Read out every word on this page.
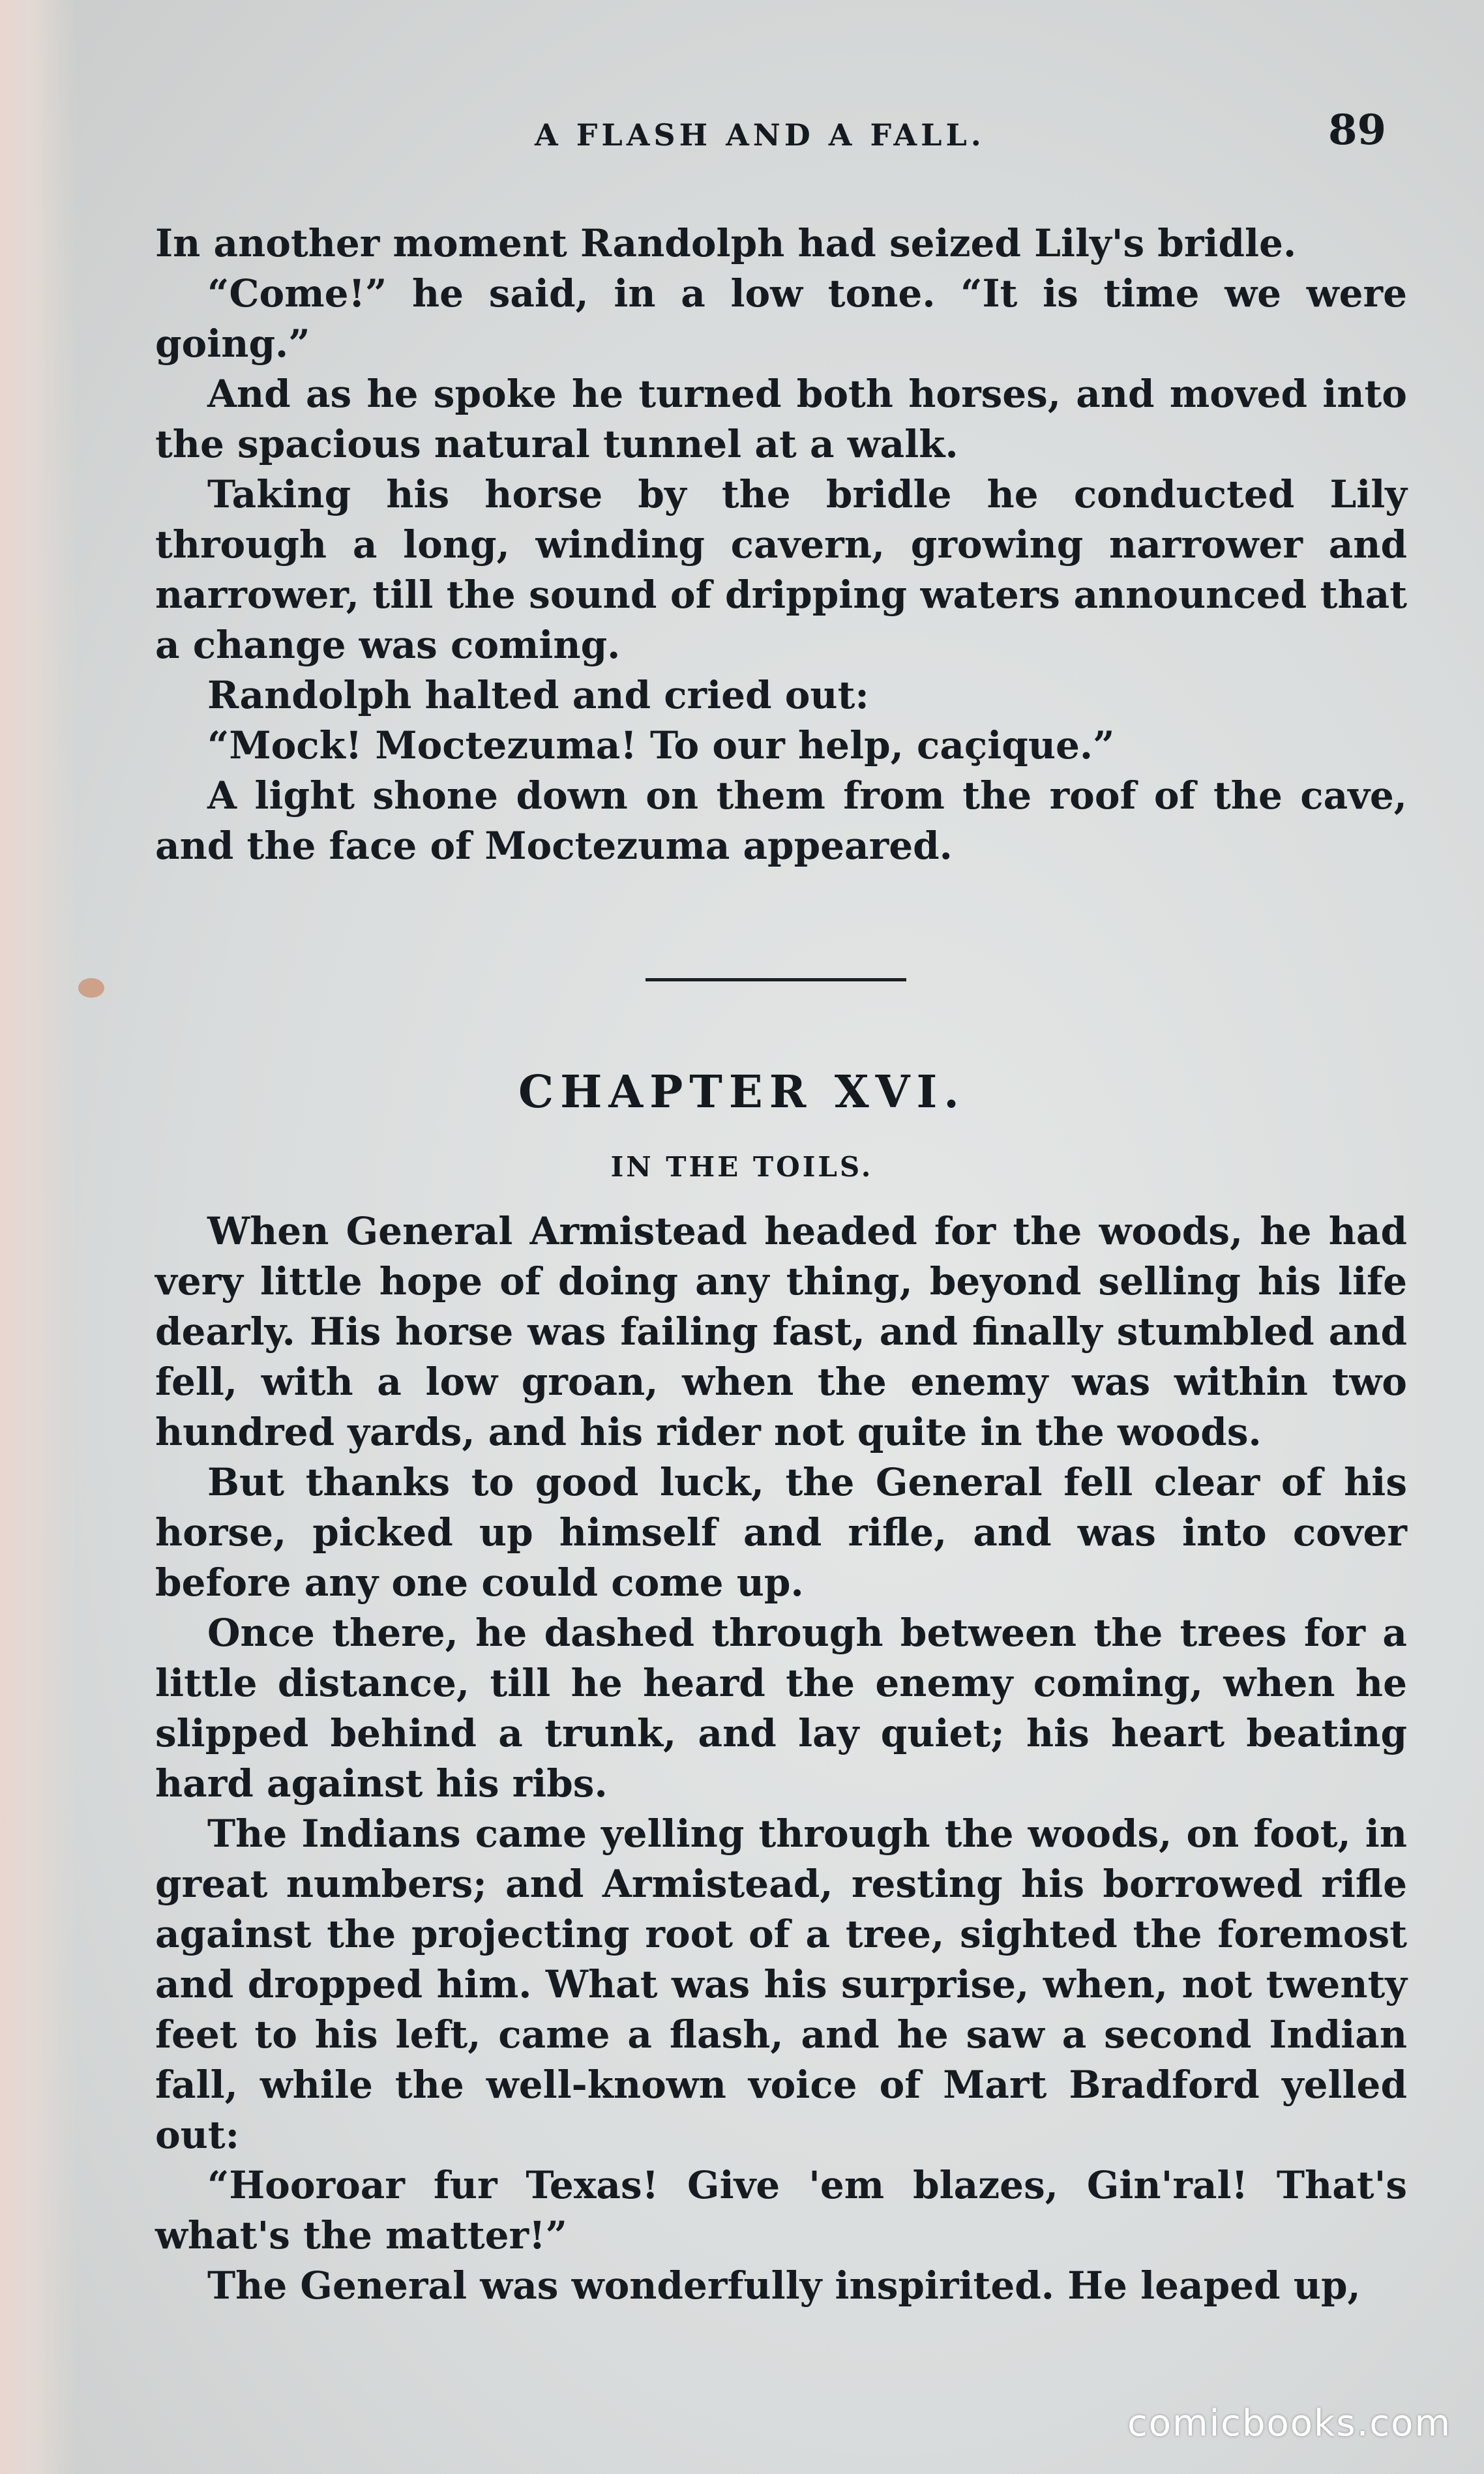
A FLASH AND A FALL.	89

In another moment Randolph had seized Lily's bridle.

“Come!” he said, in a low tone. “It is time we were going.”

And as he spoke he turned both horses, and moved into the spacious natural tunnel at a walk.

Taking his horse by the bridle he conducted Lily through a long, winding cavern, growing narrower and narrower, till the sound of dripping waters announced that a change was coming.

Randolph halted and cried out:

“Mock! Moctezuma! To our help, caçique.”

A light shone down on them from the roof of the cave, and the face of Moctezuma appeared.

CHAPTER XVI.
IN THE TOILS.

When General Armistead headed for the woods, he had very little hope of doing any thing, beyond selling his life dearly. His horse was failing fast, and finally stumbled and fell, with a low groan, when the enemy was within two hundred yards, and his rider not quite in the woods.

But thanks to good luck, the General fell clear of his horse, picked up himself and rifle, and was into cover before any one could come up.

Once there, he dashed through between the trees for a little distance, till he heard the enemy coming, when he slipped behind a trunk, and lay quiet; his heart beating hard against his ribs.

The Indians came yelling through the woods, on foot, in great numbers; and Armistead, resting his borrowed rifle against the projecting root of a tree, sighted the foremost and dropped him. What was his surprise, when, not twenty feet to his left, came a flash, and he saw a second Indian fall, while the well-known voice of Mart Bradford yelled out:

“Hooroar fur Texas! Give 'em blazes, Gin'ral! That's what's the matter!”

The General was wonderfully inspirited. He leaped up,

comicbooks.com
